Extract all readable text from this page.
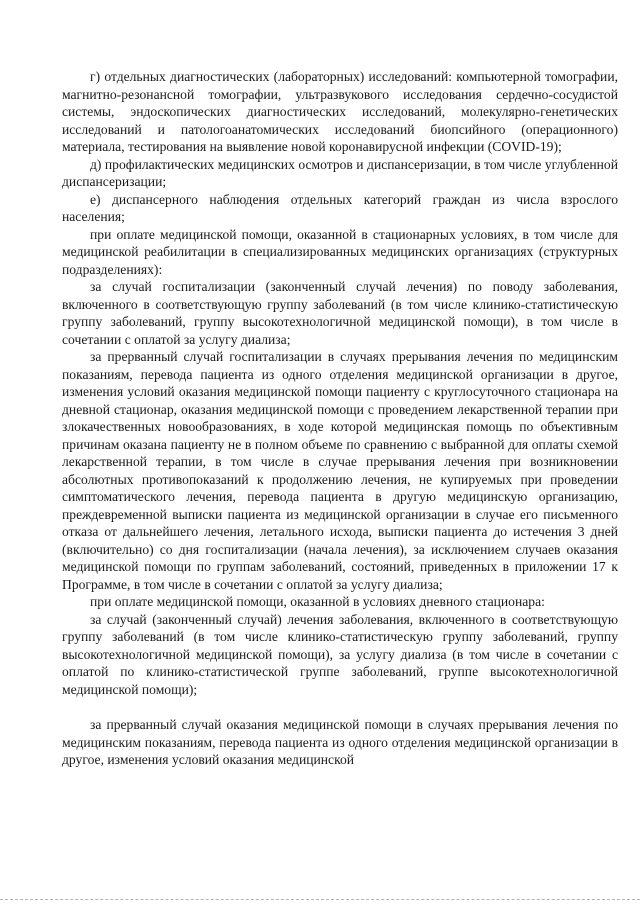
г) отдельных диагностических (лабораторных) исследований: компьютерной томографии, магнитно-резонансной томографии, ультразвукового исследования сердечно-сосудистой системы, эндоскопических диагностических исследований, молекулярно-генетических исследований и патологоанатомических исследований биопсийного (операционного) материала, тестирования на выявление новой коронавирусной инфекции (COVID-19);

д) профилактических медицинских осмотров и диспансеризации, в том числе углубленной диспансеризации;

е) диспансерного наблюдения отдельных категорий граждан из числа взрослого населения;

при оплате медицинской помощи, оказанной в стационарных условиях, в том числе для медицинской реабилитации в специализированных медицинских организациях (структурных подразделениях):

за случай госпитализации (законченный случай лечения) по поводу заболевания, включенного в соответствующую группу заболеваний (в том числе клинико-статистическую группу заболеваний, группу высокотехнологичной медицинской помощи), в том числе в сочетании с оплатой за услугу диализа;

за прерванный случай госпитализации в случаях прерывания лечения по медицинским показаниям, перевода пациента из одного отделения медицинской организации в другое, изменения условий оказания медицинской помощи пациенту с круглосуточного стационара на дневной стационар, оказания медицинской помощи с проведением лекарственной терапии при злокачественных новообразованиях, в ходе которой медицинская помощь по объективным причинам оказана пациенту не в полном объеме по сравнению с выбранной для оплаты схемой лекарственной терапии, в том числе в случае прерывания лечения при возникновении абсолютных противопоказаний к продолжению лечения, не купируемых при проведении симптоматического лечения, перевода пациента в другую медицинскую организацию, преждевременной выписки пациента из медицинской организации в случае его письменного отказа от дальнейшего лечения, летального исхода, выписки пациента до истечения 3 дней (включительно) со дня госпитализации (начала лечения), за исключением случаев оказания медицинской помощи по группам заболеваний, состояний, приведенных в приложении 17 к Программе, в том числе в сочетании с оплатой за услугу диализа;

при оплате медицинской помощи, оказанной в условиях дневного стационара:

за случай (законченный случай) лечения заболевания, включенного в соответствующую группу заболеваний (в том числе клинико-статистическую группу заболеваний, группу высокотехнологичной медицинской помощи), за услугу диализа (в том числе в сочетании с оплатой по клинико-статистической группе заболеваний, группе высокотехнологичной медицинской помощи);

за прерванный случай оказания медицинской помощи в случаях прерывания лечения по медицинским показаниям, перевода пациента из одного отделения медицинской организации в другое, изменения условий оказания медицинской
